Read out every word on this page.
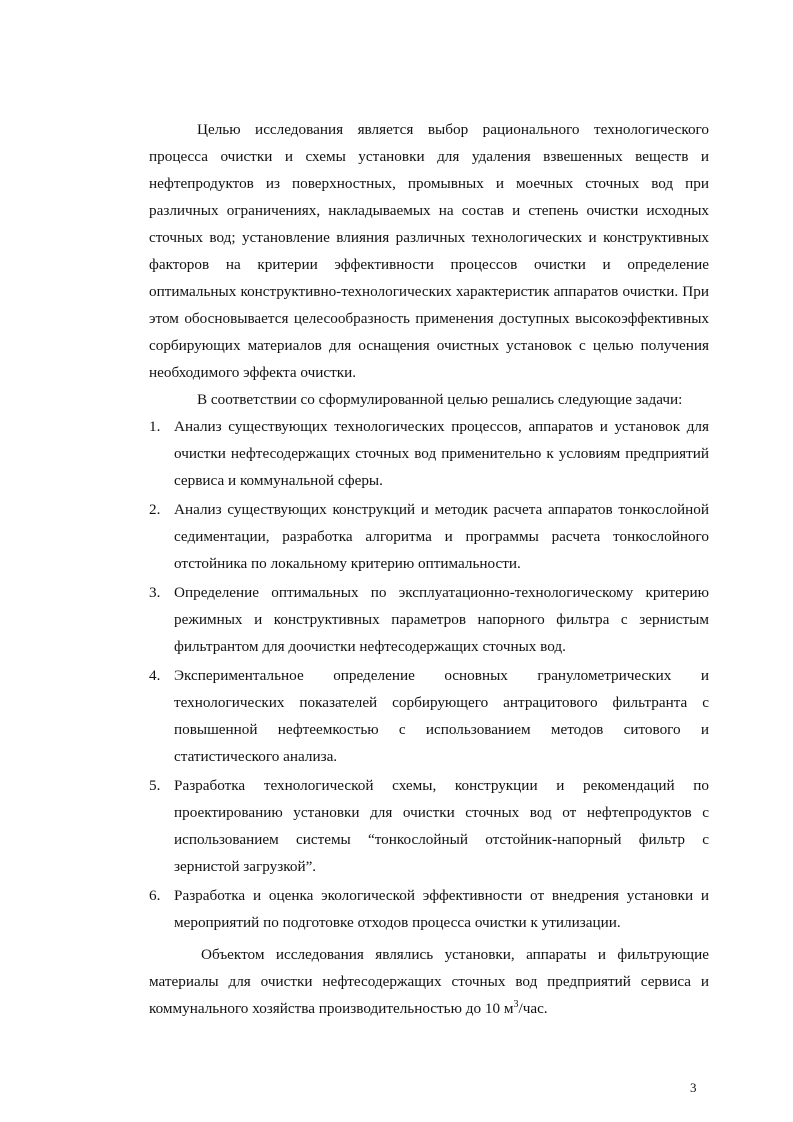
Целью исследования является выбор рационального технологического процесса очистки и схемы установки для удаления взвешенных веществ и нефтепродуктов из поверхностных, промывных и моечных сточных вод при различных ограничениях, накладываемых на состав и степень очистки исходных сточных вод; установление влияния различных технологических и конструктивных факторов на критерии эффективности процессов очистки и определение оптимальных конструктивно-технологических характеристик аппаратов очистки. При этом обосновывается целесообразность применения доступных высокоэффективных сорбирующих материалов для оснащения очистных установок с целью получения необходимого эффекта очистки.

В соответствии со сформулированной целью решались следующие задачи:

1. Анализ существующих технологических процессов, аппаратов и установок для очистки нефтесодержащих сточных вод применительно к условиям предприятий сервиса и коммунальной сферы.
2. Анализ существующих конструкций и методик расчета аппаратов тонкослойной седиментации, разработка алгоритма и программы расчета тонкослойного отстойника по локальному критерию оптимальности.
3. Определение оптимальных по эксплуатационно-технологическому критерию режимных и конструктивных параметров напорного фильтра с зернистым фильтрантом для доочистки нефтесодержащих сточных вод.
4. Экспериментальное определение основных гранулометрических и технологических показателей сорбирующего антрацитового фильтранта с повышенной нефтеемкостью с использованием методов ситового и статистического анализа.
5. Разработка технологической схемы, конструкции и рекомендаций по проектированию установки для очистки сточных вод от нефтепродуктов с использованием системы “тонкослойный отстойник-напорный фильтр с зернистой загрузкой”.
6. Разработка и оценка экологической эффективности от внедрения установки и мероприятий по подготовке отходов процесса очистки к утилизации.

Объектом исследования являлись установки, аппараты и фильтрующие материалы для очистки нефтесодержащих сточных вод предприятий сервиса и коммунального хозяйства производительностью до 10 $м^3$/час.

3
